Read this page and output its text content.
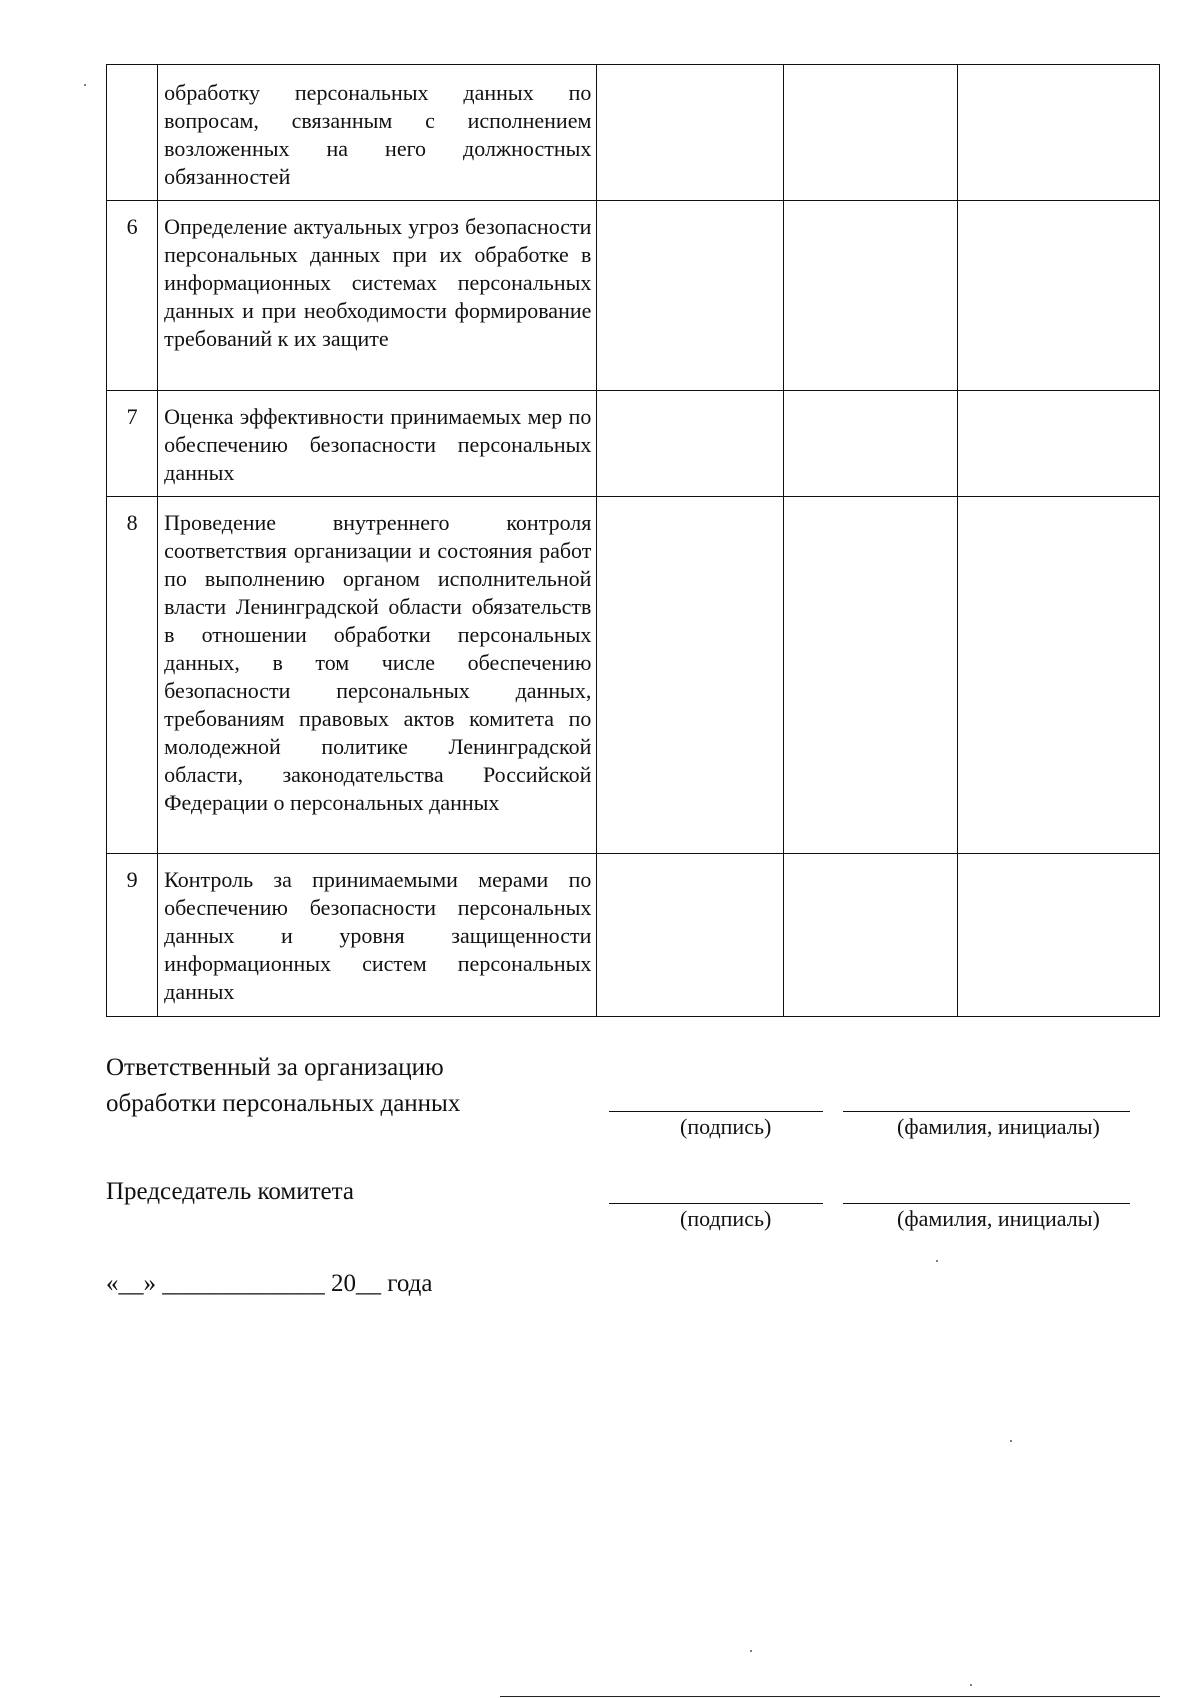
	обработку персональных данных по вопросам, связанным с исполнением возложенных на него должностных обязанностей			
6	Определение актуальных угроз безопасности персональных данных при их обработке в информационных системах персональных данных и при необходимости формирование требований к их защите			
7	Оценка эффективности принимаемых мер по обеспечению безопасности персональных данных			
8	Проведение внутреннего контроля соответствия организации и состояния работ по выполнению органом исполнительной власти Ленинградской области обязательств в отношении обработки персональных данных, в том числе обеспечению безопасности персональных данных, требованиям правовых актов комитета по молодежной политике Ленинградской области, законодательства Российской Федерации о персональных данных			
9	Контроль за принимаемыми мерами по обеспечению безопасности персональных данных и уровня защищенности информационных систем персональных данных			
Ответственный за организацию
обработки персональных данных
(подпись)	(фамилия, инициалы)
Председатель комитета
(подпись)	(фамилия, инициалы)
«__» _____________ 20__ года
